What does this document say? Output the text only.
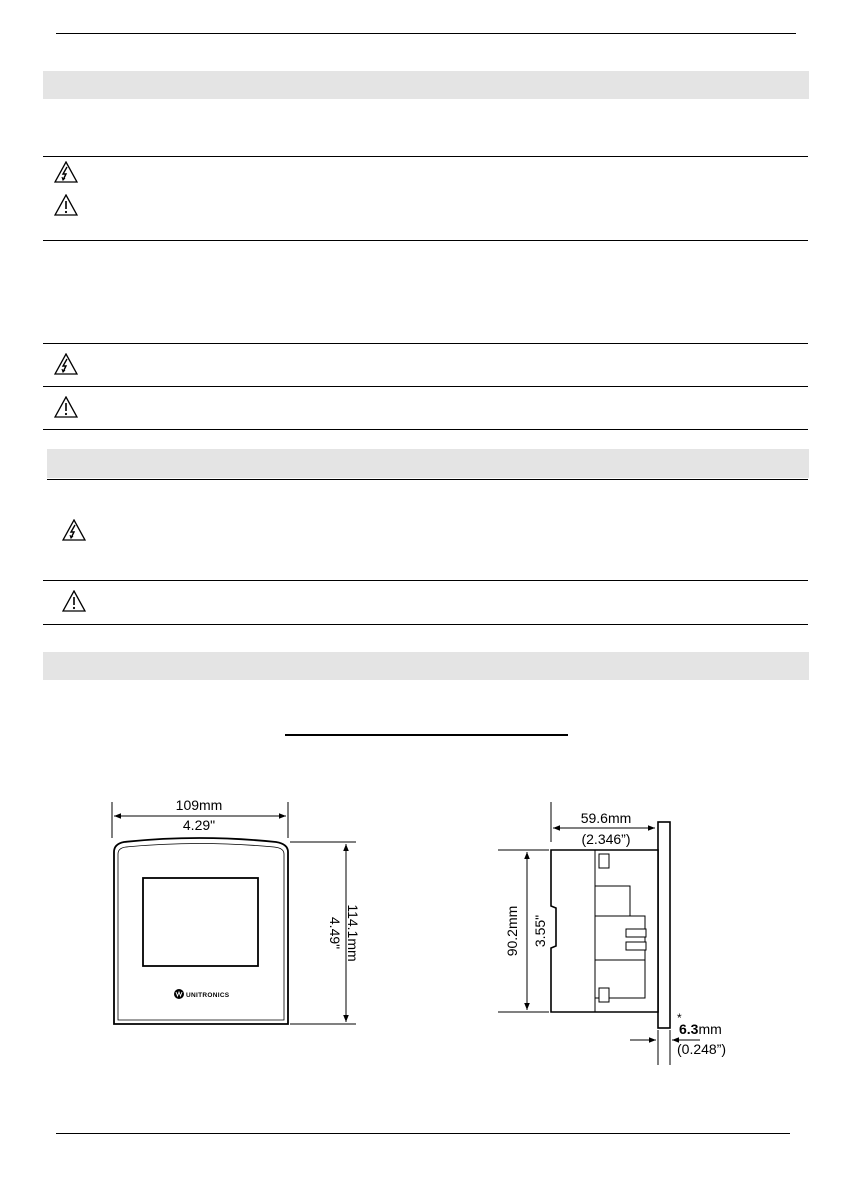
109mm
4.29"
UNITRONICS
114.1mm
4.49"
59.6mm
(2.346”)
90.2mm 3.55"
*
6.3mm
(0.248”)
